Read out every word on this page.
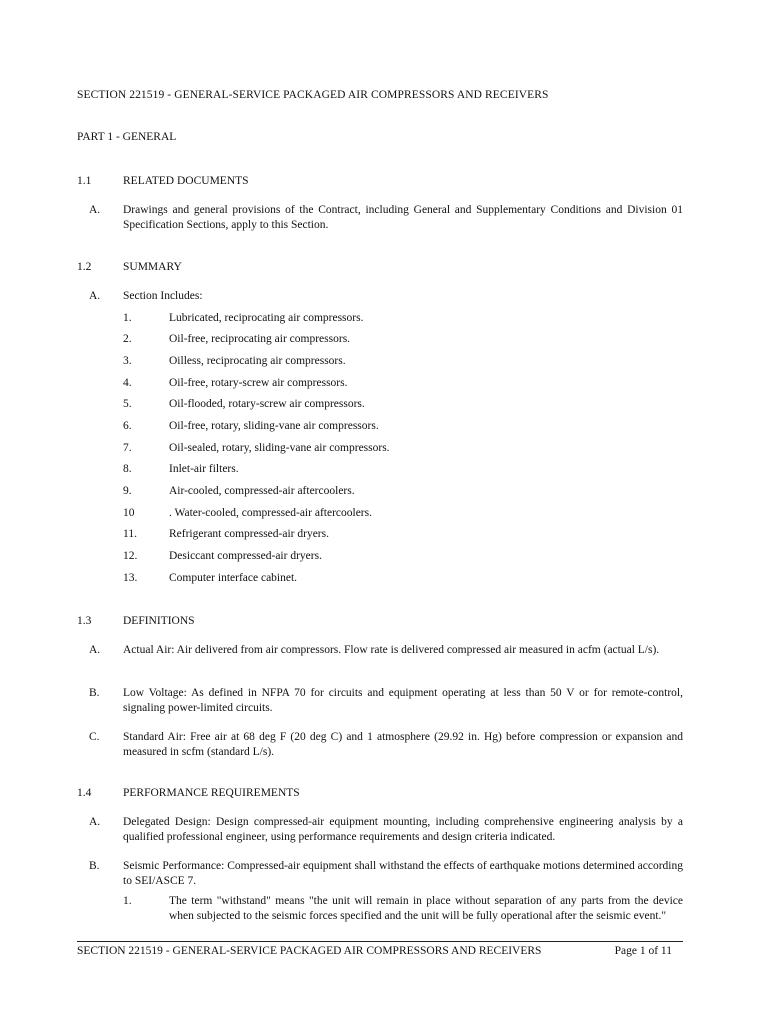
SECTION 221519 - GENERAL-SERVICE PACKAGED AIR COMPRESSORS AND RECEIVERS
PART 1 - GENERAL
1.1	RELATED DOCUMENTS
A. Drawings and general provisions of the Contract, including General and Supplementary Conditions and Division 01 Specification Sections, apply to this Section.
1.2	SUMMARY
A. Section Includes:
1.	Lubricated, reciprocating air compressors.
2.	Oil-free, reciprocating air compressors.
3.	Oilless, reciprocating air compressors.
4.	Oil-free, rotary-screw air compressors.
5.	Oil-flooded, rotary-screw air compressors.
6.	Oil-free, rotary, sliding-vane air compressors.
7.	Oil-sealed, rotary, sliding-vane air compressors.
8.	Inlet-air filters.
9.	Air-cooled, compressed-air aftercoolers.
10	. Water-cooled, compressed-air aftercoolers.
11.	Refrigerant compressed-air dryers.
12.	Desiccant compressed-air dryers.
13.	Computer interface cabinet.
1.3	DEFINITIONS
A. Actual Air: Air delivered from air compressors. Flow rate is delivered compressed air measured in acfm (actual L/s).
B. Low Voltage: As defined in NFPA 70 for circuits and equipment operating at less than 50 V or for remote-control, signaling power-limited circuits.
C. Standard Air: Free air at 68 deg F (20 deg C) and 1 atmosphere (29.92 in. Hg) before compression or expansion and measured in scfm (standard L/s).
1.4	PERFORMANCE REQUIREMENTS
A. Delegated Design: Design compressed-air equipment mounting, including comprehensive engineering analysis by a qualified professional engineer, using performance requirements and design criteria indicated.
B. Seismic Performance: Compressed-air equipment shall withstand the effects of earthquake motions determined according to SEI/ASCE 7.
1.	The term "withstand" means "the unit will remain in place without separation of any parts from the device when subjected to the seismic forces specified and the unit will be fully operational after the seismic event."
SECTION 221519 - GENERAL-SERVICE PACKAGED AIR COMPRESSORS AND RECEIVERS	Page 1 of 11
